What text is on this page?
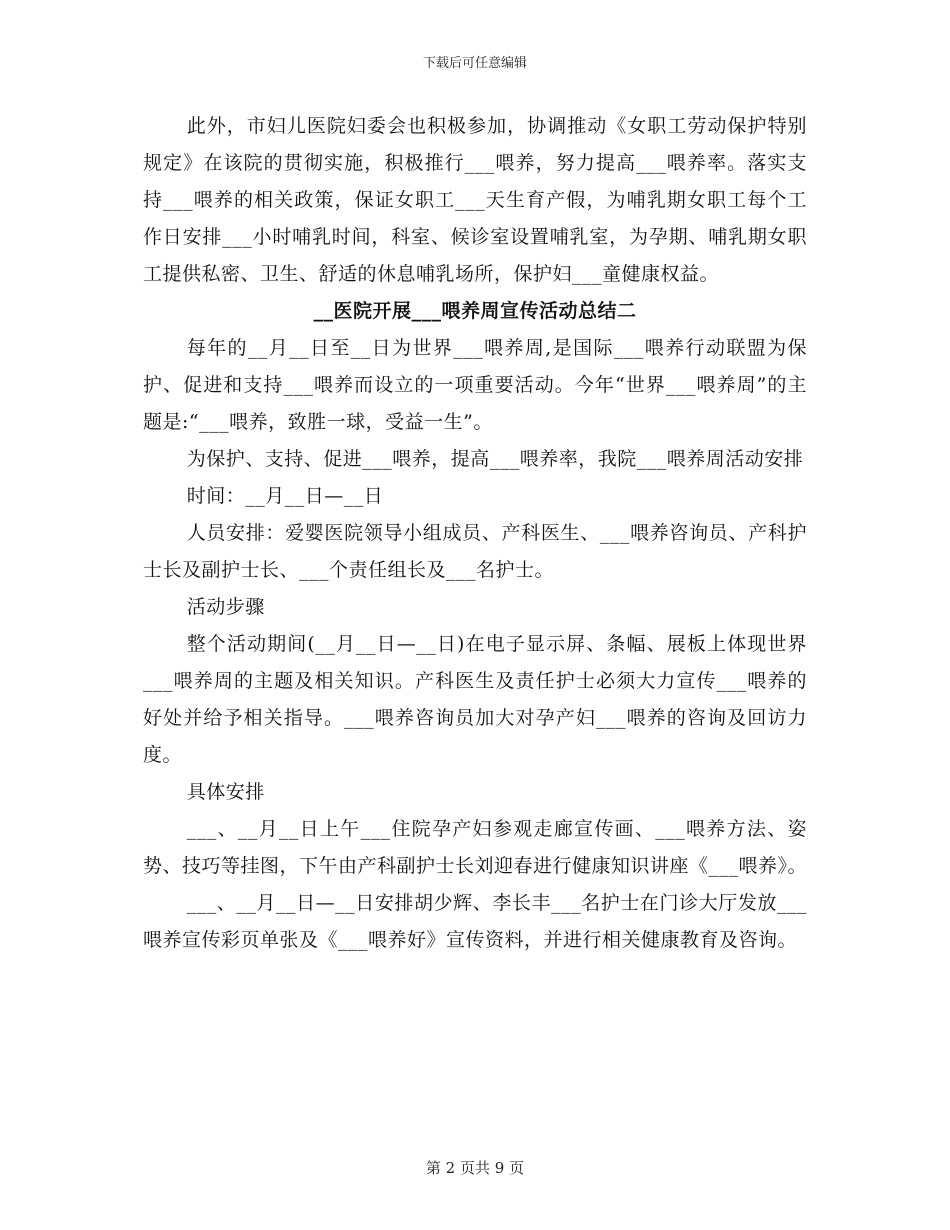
下载后可任意编辑

此外，市妇儿医院妇委会也积极参加，协调推动《女职工劳动保护特别规定》在该院的贯彻实施，积极推行___喂养，努力提高___喂养率。落实支持___喂养的相关政策，保证女职工___天生育产假，为哺乳期女职工每个工作日安排___小时哺乳时间，科室、候诊室设置哺乳室，为孕期、哺乳期女职工提供私密、卫生、舒适的休息哺乳场所，保护妇___童健康权益。

__医院开展___喂养周宣传活动总结二

每年的__月__日至__日为世界___喂养周,是国际___喂养行动联盟为保护、促进和支持___喂养而设立的一项重要活动。今年“世界___喂养周”的主题是:“___喂养，致胜一球，受益一生”。

为保护、支持、促进___喂养，提高___喂养率，我院___喂养周活动安排

时间：__月__日—__日

人员安排：爱婴医院领导小组成员、产科医生、___喂养咨询员、产科护士长及副护士长、___个责任组长及___名护士。

活动步骤

整个活动期间(__月__日—__日)在电子显示屏、条幅、展板上体现世界___喂养周的主题及相关知识。产科医生及责任护士必须大力宣传___喂养的好处并给予相关指导。___喂养咨询员加大对孕产妇___喂养的咨询及回访力度。

具体安排

___、__月__日上午___住院孕产妇参观走廊宣传画、___喂养方法、姿势、技巧等挂图，下午由产科副护士长刘迎春进行健康知识讲座《___喂养》。

___、__月__日—__日安排胡少辉、李长丰___名护士在门诊大厅发放___喂养宣传彩页单张及《___喂养好》宣传资料，并进行相关健康教育及咨询。

第 2 页共 9 页
